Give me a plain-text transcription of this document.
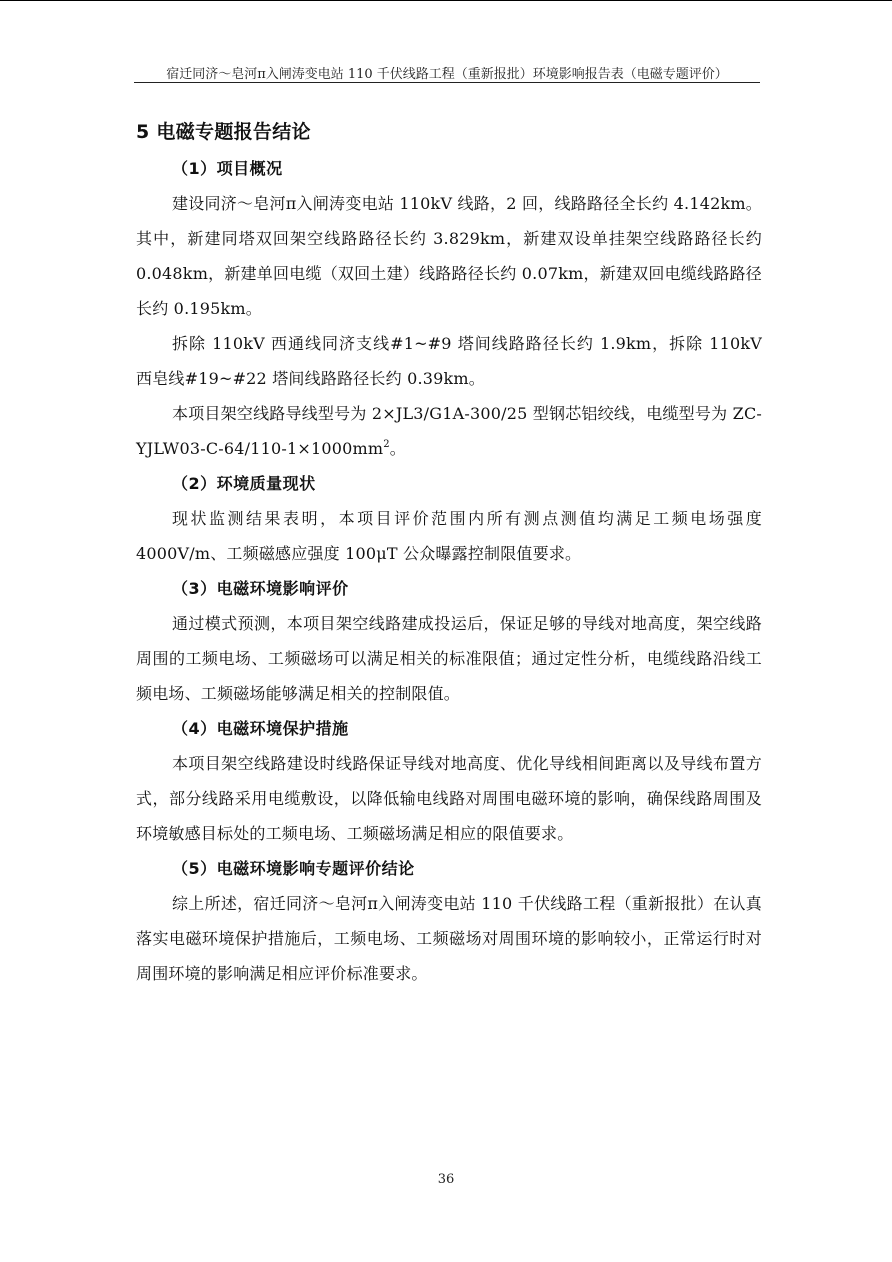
宿迁同济～皂河π入闸涛变电站 110 千伏线路工程（重新报批）环境影响报告表（电磁专题评价）
5 电磁专题报告结论
（1）项目概况

建设同济～皂河π入闸涛变电站 110kV 线路，2 回，线路路径全长约 4.142km。其中，新建同塔双回架空线路路径长约 3.829km，新建双设单挂架空线路路径长约 0.048km，新建单回电缆（双回土建）线路路径长约 0.07km，新建双回电缆线路路径长约 0.195km。

拆除 110kV 西通线同济支线#1~#9 塔间线路路径长约 1.9km，拆除 110kV 西皂线#19~#22 塔间线路路径长约 0.39km。

本项目架空线路导线型号为 2×JL3/G1A-300/25 型钢芯铝绞线，电缆型号为 $ZC-YJLW03-C-64/110-1\times 1000mm^2$。

（2）环境质量现状

现状监测结果表明，本项目评价范围内所有测点测值均满足工频电场强度 4000V/m、工频磁感应强度 100μT 公众曝露控制限值要求。

（3）电磁环境影响评价

通过模式预测，本项目架空线路建成投运后，保证足够的导线对地高度，架空线路周围的工频电场、工频磁场可以满足相关的标准限值；通过定性分析，电缆线路沿线工频电场、工频磁场能够满足相关的控制限值。

（4）电磁环境保护措施

本项目架空线路建设时线路保证导线对地高度、优化导线相间距离以及导线布置方式，部分线路采用电缆敷设，以降低输电线路对周围电磁环境的影响，确保线路周围及环境敏感目标处的工频电场、工频磁场满足相应的限值要求。

（5）电磁环境影响专题评价结论

综上所述，宿迁同济～皂河π入闸涛变电站 110 千伏线路工程（重新报批）在认真落实电磁环境保护措施后，工频电场、工频磁场对周围环境的影响较小，正常运行时对周围环境的影响满足相应评价标准要求。

36
